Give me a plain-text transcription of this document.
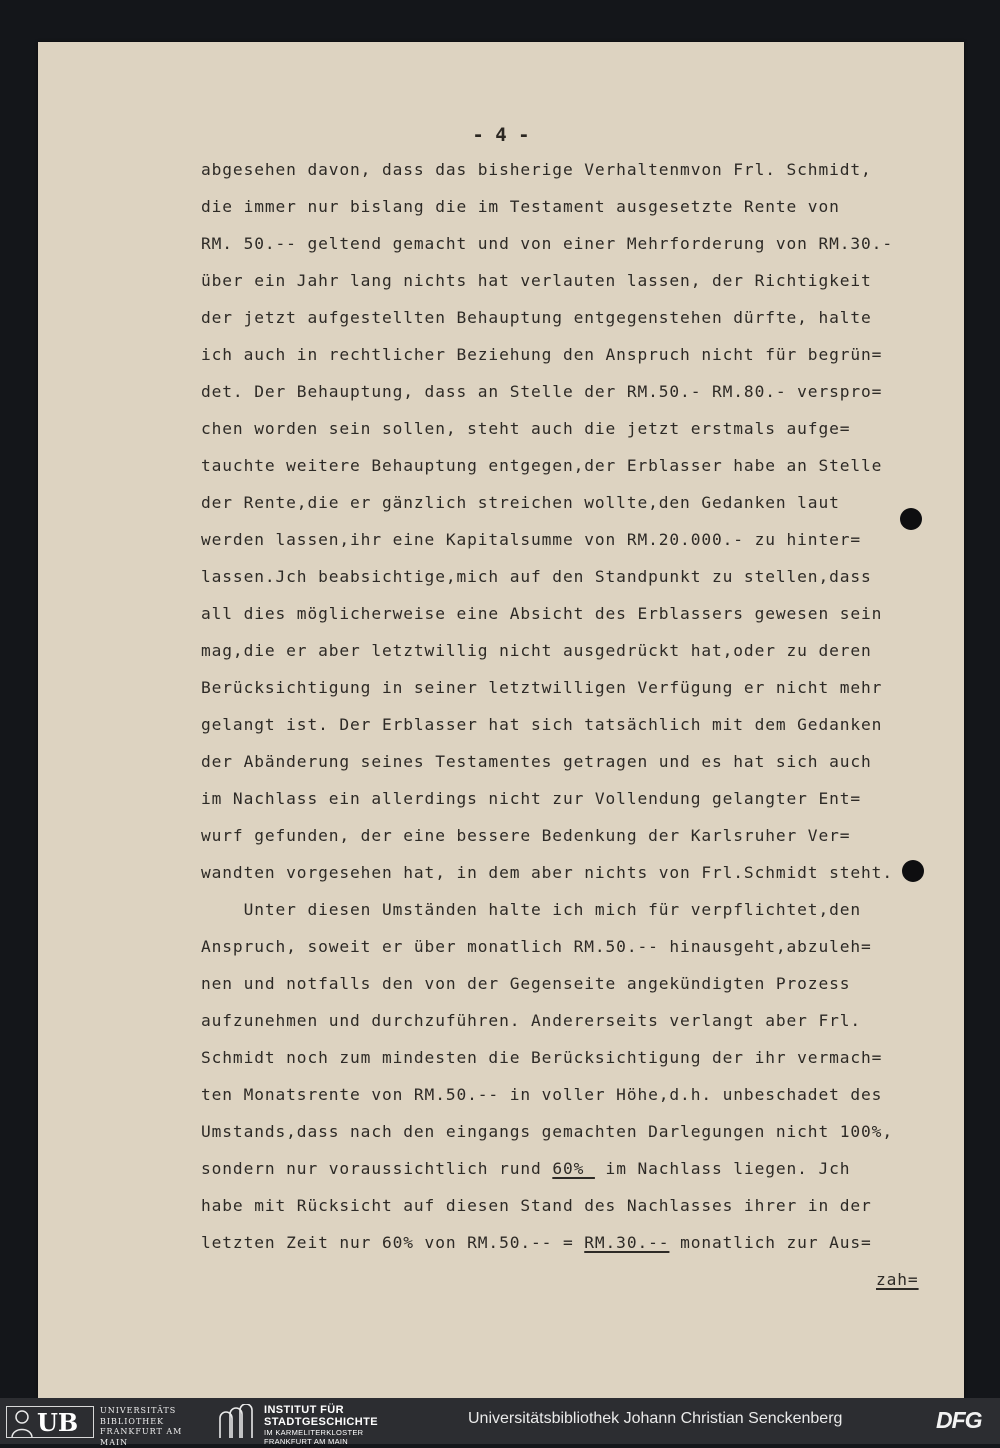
- 4 -
abgesehen davon, dass das bisherige Verhaltenmvon Frl. Schmidt,
die immer nur bislang die im Testament ausgesetzte Rente von
RM. 50.-- geltend gemacht und von einer Mehrforderung von RM.30.-
über ein Jahr lang nichts hat verlauten lassen, der Richtigkeit
der jetzt aufgestellten Behauptung entgegenstehen dürfte, halte
ich auch in rechtlicher Beziehung den Anspruch nicht für begrün=
det. Der Behauptung, dass an Stelle der RM.50.- RM.80.- verspro=
chen worden sein sollen, steht auch die jetzt erstmals aufge=
tauchte weitere Behauptung entgegen,der Erblasser habe an Stelle
der Rente,die er gänzlich streichen wollte,den Gedanken laut
werden lassen,ihr eine Kapitalsumme von RM.20.000.- zu hinter=
lassen.Jch beabsichtige,mich auf den Standpunkt zu stellen,dass
all dies möglicherweise eine Absicht des Erblassers gewesen sein
mag,die er aber letztwillig nicht ausgedrückt hat,oder zu deren
Berücksichtigung in seiner letztwilligen Verfügung er nicht mehr
gelangt ist. Der Erblasser hat sich tatsächlich mit dem Gedanken
der Abänderung seines Testamentes getragen und es hat sich auch
im Nachlass ein allerdings nicht zur Vollendung gelangter Ent=
wurf gefunden, der eine bessere Bedenkung der Karlsruher Ver=
wandten vorgesehen hat, in dem aber nichts von Frl.Schmidt steht.
Unter diesen Umständen halte ich mich für verpflichtet,den
Anspruch, soweit er über monatlich RM.50.-- hinausgeht,abzuleh=
nen und notfalls den von der Gegenseite angekündigten Prozess
aufzunehmen und durchzuführen. Andererseits verlangt aber Frl.
Schmidt noch zum mindesten die Berücksichtigung der ihr vermach=
ten Monatsrente von RM.50.-- in voller Höhe,d.h. unbeschadet des
Umstands,dass nach den eingangs gemachten Darlegungen nicht 100%,
sondern nur voraussichtlich rund 60%  im Nachlass liegen. Jch
habe mit Rücksicht auf diesen Stand des Nachlasses ihrer in der
letzten Zeit nur 60% von RM.50.-- = RM.30.-- monatlich zur Aus=
zah=
UB	UNIVERSITÄTS
BIBLIOTHEK
FRANKFURT AM MAIN
INSTITUT FÜR
STADTGESCHICHTE
IM KARMELITERKLOSTER
FRANKFURT AM MAIN
Universitätsbibliothek Johann Christian Senckenberg	DFG
